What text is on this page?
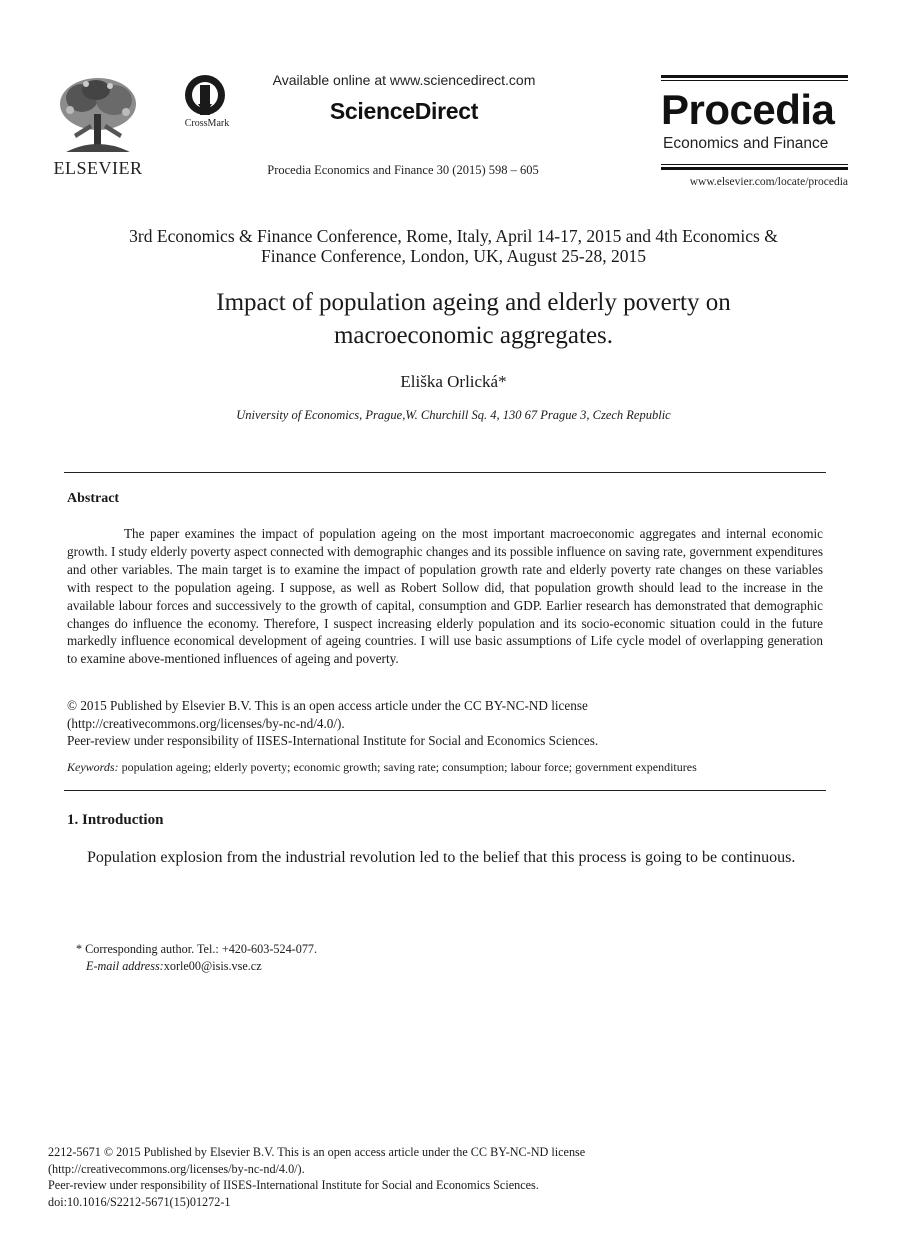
ELSEVIER
CrossMark
Available online at www.sciencedirect.com
ScienceDirect
Procedia Economics and Finance 30 (2015) 598 – 605
Procedia
Economics and Finance
www.elsevier.com/locate/procedia
3rd Economics & Finance Conference, Rome, Italy, April 14-17, 2015 and 4th Economics &
Finance Conference, London, UK, August 25-28, 2015
Impact of population ageing and elderly poverty on
macroeconomic aggregates.
Eliška Orlická*
University of Economics, Prague,W. Churchill Sq. 4, 130 67 Prague 3, Czech Republic
Abstract
The paper examines the impact of population ageing on the most important macroeconomic aggregates and internal economic growth. I study elderly poverty aspect connected with demographic changes and its possible influence on saving rate, government expenditures and other variables. The main target is to examine the impact of population growth rate and elderly poverty rate changes on these variables with respect to the population ageing. I suppose, as well as Robert Sollow did, that population growth should lead to the increase in the available labour forces and successively to the growth of capital, consumption and GDP. Earlier research has demonstrated that demographic changes do influence the economy. Therefore, I suspect increasing elderly population and its socio-economic situation could in the future markedly influence economical development of ageing countries. I will use basic assumptions of Life cycle model of overlapping generation to examine above-mentioned influences of ageing and poverty.
© 2015 Published by Elsevier B.V. This is an open access article under the CC BY-NC-ND license
(http://creativecommons.org/licenses/by-nc-nd/4.0/).
Peer-review under responsibility of IISES-International Institute for Social and Economics Sciences.
Keywords: population ageing; elderly poverty; economic growth; saving rate; consumption; labour force; government expenditures
1. Introduction
Population explosion from the industrial revolution led to the belief that this process is going to be continuous.
* Corresponding author. Tel.: +420-603-524-077.
E-mail address:xorle00@isis.vse.cz
2212-5671 © 2015 Published by Elsevier B.V. This is an open access article under the CC BY-NC-ND license
(http://creativecommons.org/licenses/by-nc-nd/4.0/).
Peer-review under responsibility of IISES-International Institute for Social and Economics Sciences.
doi:10.1016/S2212-5671(15)01272-1
